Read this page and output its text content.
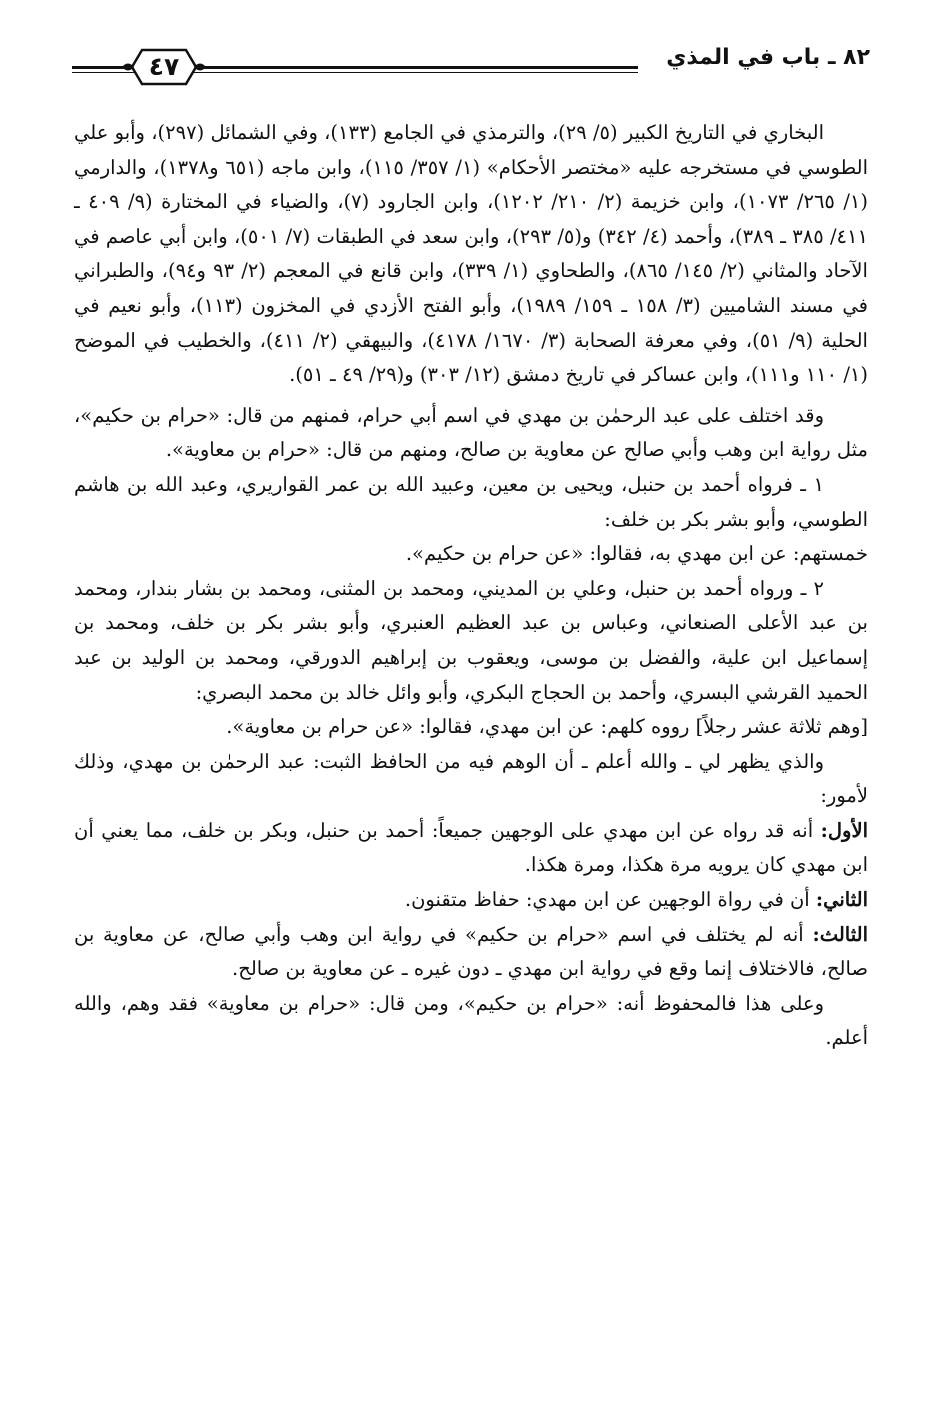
٨٢ ـ باب في المذي
٤٧

البخاري في التاريخ الكبير (٥/ ٢٩)، والترمذي في الجامع (١٣٣)، وفي الشمائل (٢٩٧)، وأبو علي الطوسي في مستخرجه عليه «مختصر الأحكام» (١/ ٣٥٧/ ١١٥)، وابن ماجه (٦٥١ و١٣٧٨)، والدارمي (١/ ٢٦٥/ ١٠٧٣)، وابن خزيمة (٢/ ٢١٠/ ١٢٠٢)، وابن الجارود (٧)، والضياء في المختارة (٩/ ٤٠٩ ـ ٤١١/ ٣٨٥ ـ ٣٨٩)، وأحمد (٤/ ٣٤٢) و(٥/ ٢٩٣)، وابن سعد في الطبقات (٧/ ٥٠١)، وابن أبي عاصم في الآحاد والمثاني (٢/ ١٤٥/ ٨٦٥)، والطحاوي (١/ ٣٣٩)، وابن قانع في المعجم (٢/ ٩٣ و٩٤)، والطبراني في مسند الشاميين (٣/ ١٥٨ ـ ١٥٩/ ١٩٨٩)، وأبو الفتح الأزدي في المخزون (١١٣)، وأبو نعيم في الحلية (٩/ ٥١)، وفي معرفة الصحابة (٣/ ١٦٧٠/ ٤١٧٨)، والبيهقي (٢/ ٤١١)، والخطيب في الموضح (١/ ١١٠ و١١١)، وابن عساكر في تاريخ دمشق (١٢/ ٣٠٣) و(٢٩/ ٤٩ ـ ٥١).

وقد اختلف على عبد الرحمٰن بن مهدي في اسم أبي حرام، فمنهم من قال: «حرام بن حكيم»، مثل رواية ابن وهب وأبي صالح عن معاوية بن صالح، ومنهم من قال: «حرام بن معاوية».

١ ـ فرواه أحمد بن حنبل، ويحيى بن معين، وعبيد الله بن عمر القواريري، وعبد الله بن هاشم الطوسي، وأبو بشر بكر بن خلف:

خمستهم: عن ابن مهدي به، فقالوا: «عن حرام بن حكيم».

٢ ـ ورواه أحمد بن حنبل، وعلي بن المديني، ومحمد بن المثنى، ومحمد بن بشار بندار، ومحمد بن عبد الأعلى الصنعاني، وعباس بن عبد العظيم العنبري، وأبو بشر بكر بن خلف، ومحمد بن إسماعيل ابن علية، والفضل بن موسى، ويعقوب بن إبراهيم الدورقي، ومحمد بن الوليد بن عبد الحميد القرشي البسري، وأحمد بن الحجاج البكري، وأبو وائل خالد بن محمد البصري:

[وهم ثلاثة عشر رجلاً] رووه كلهم: عن ابن مهدي، فقالوا: «عن حرام بن معاوية».

والذي يظهر لي ـ والله أعلم ـ أن الوهم فيه من الحافظ الثبت: عبد الرحمٰن بن مهدي، وذلك لأمور:

الأول: أنه قد رواه عن ابن مهدي على الوجهين جميعاً: أحمد بن حنبل، وبكر بن خلف، مما يعني أن ابن مهدي كان يرويه مرة هكذا، ومرة هكذا.

الثاني: أن في رواة الوجهين عن ابن مهدي: حفاظ متقنون.

الثالث: أنه لم يختلف في اسم «حرام بن حكيم» في رواية ابن وهب وأبي صالح، عن معاوية بن صالح، فالاختلاف إنما وقع في رواية ابن مهدي ـ دون غيره ـ عن معاوية بن صالح.

وعلى هذا فالمحفوظ أنه: «حرام بن حكيم»، ومن قال: «حرام بن معاوية» فقد وهم، والله أعلم.
